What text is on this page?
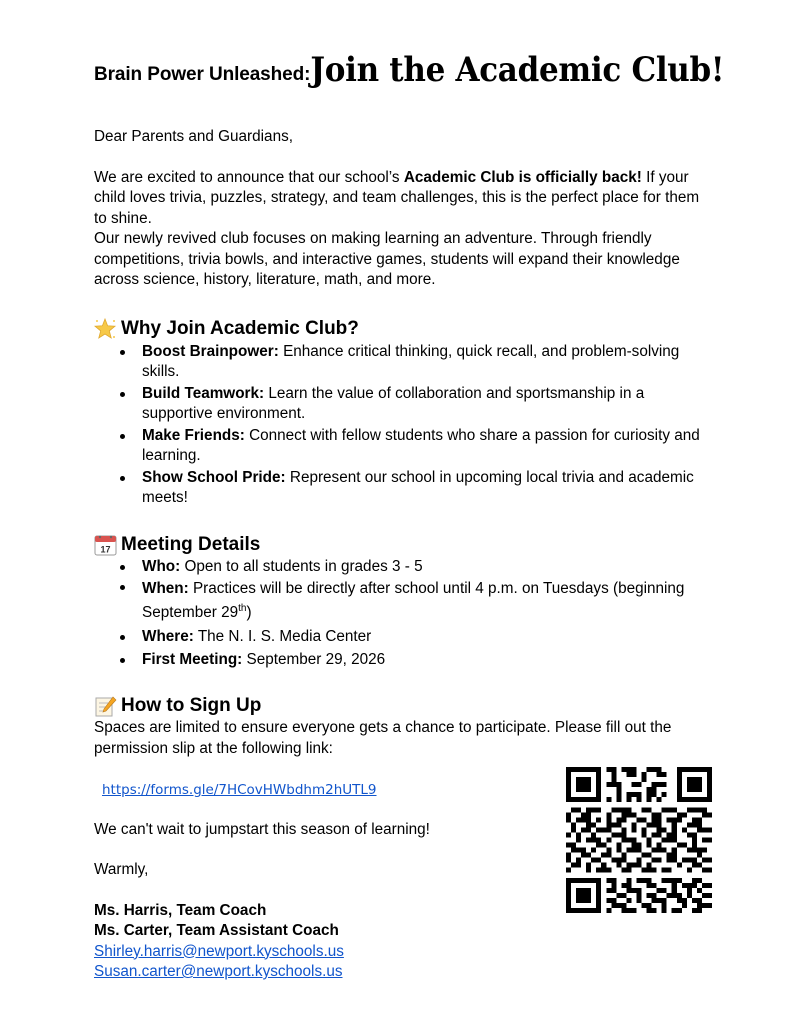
Brain Power Unleashed: Join the Academic Club!

Dear Parents and Guardians,

We are excited to announce that our school’s Academic Club is officially back! If your child loves trivia, puzzles, strategy, and team challenges, this is the perfect place for them to shine.

Our newly revived club focuses on making learning an adventure. Through friendly competitions, trivia bowls, and interactive games, students will expand their knowledge across science, history, literature, math, and more.

Why Join Academic Club?
Boost Brainpower: Enhance critical thinking, quick recall, and problem-solving skills.
Build Teamwork: Learn the value of collaboration and sportsmanship in a supportive environment.
Make Friends: Connect with fellow students who share a passion for curiosity and learning.
Show School Pride: Represent our school in upcoming local trivia and academic meets!
17 Meeting Details
Who: Open to all students in grades 3 - 5
When: Practices will be directly after school until 4 p.m. on Tuesdays (beginning September 29th)
Where: The N. I. S. Media Center
First Meeting: September 29, 2026
How to Sign Up

Spaces are limited to ensure everyone gets a chance to participate. Please fill out the permission slip at the following link:

https://forms.gle/7HCovHWbdhm2hUTL9

We can't wait to jumpstart this season of learning!

Warmly,

Ms. Harris, Team Coach

Ms. Carter, Team Assistant Coach

Shirley.harris@newport.kyschools.us

Susan.carter@newport.kyschools.us
